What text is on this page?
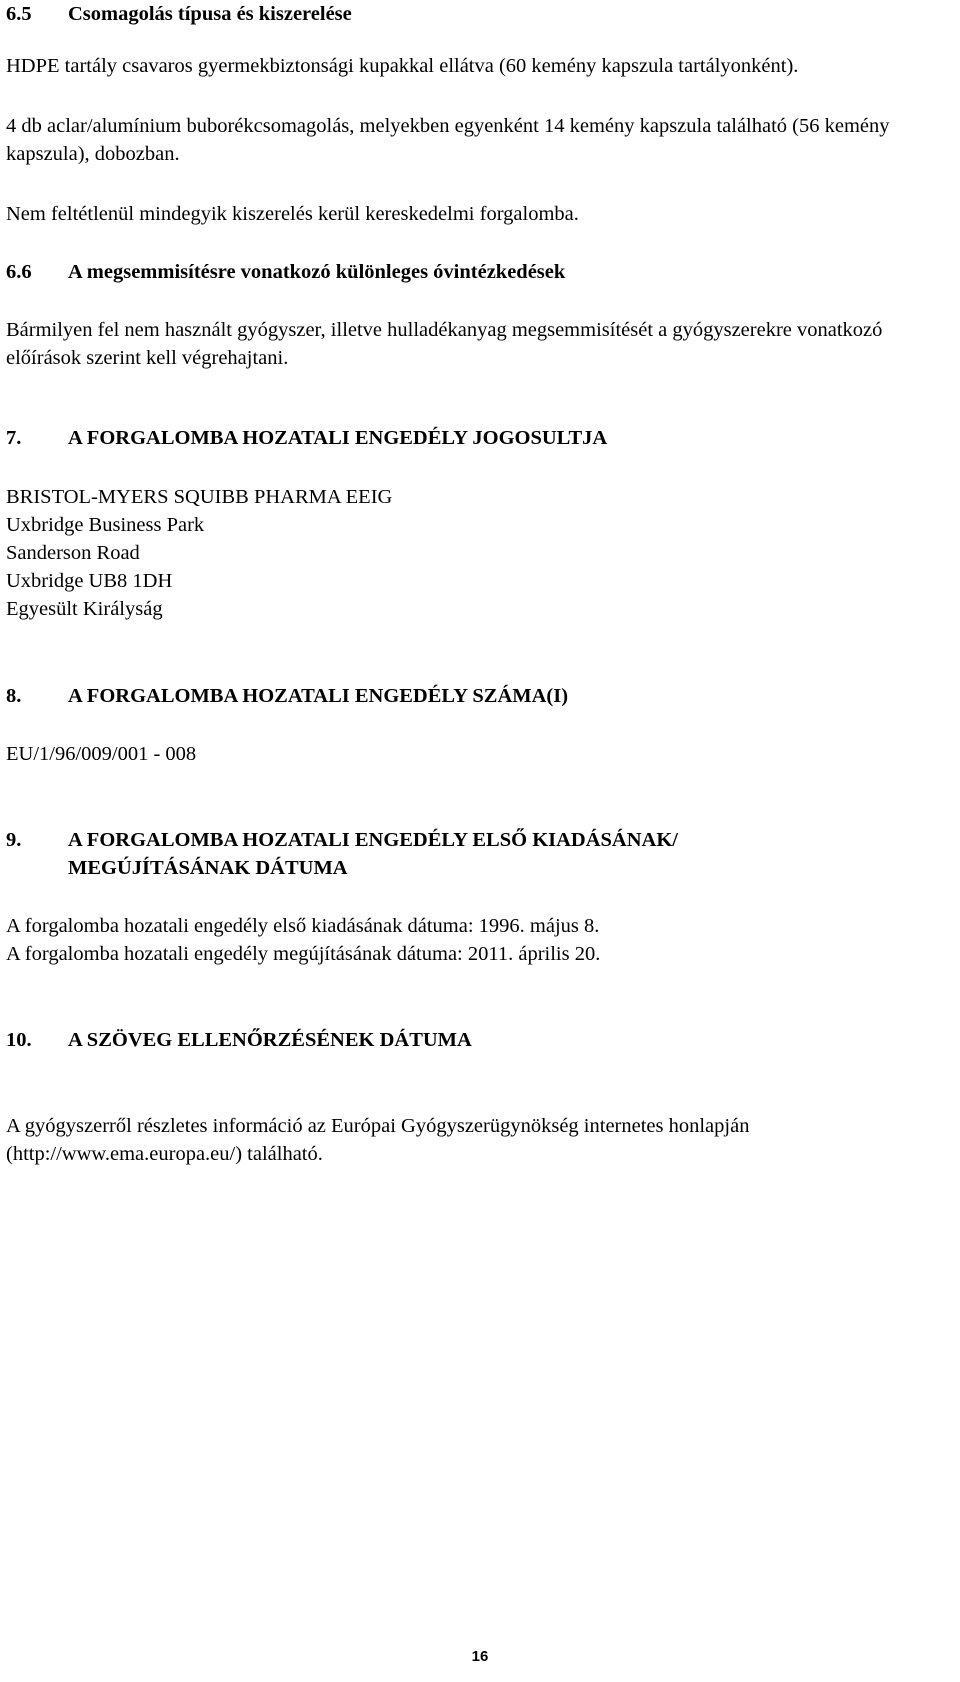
6.5	Csomagolás típusa és kiszerelése

HDPE tartály csavaros gyermekbiztonsági kupakkal ellátva (60 kemény kapszula tartályonként).

4 db aclar/alumínium buborékcsomagolás, melyekben egyenként 14 kemény kapszula található (56 kemény kapszula), dobozban.

Nem feltétlenül mindegyik kiszerelés kerül kereskedelmi forgalomba.

6.6	A megsemmisítésre vonatkozó különleges óvintézkedések

Bármilyen fel nem használt gyógyszer, illetve hulladékanyag megsemmisítését a gyógyszerekre vonatkozó előírások szerint kell végrehajtani.

7.	A FORGALOMBA HOZATALI ENGEDÉLY JOGOSULTJA

BRISTOL-MYERS SQUIBB PHARMA EEIG

Uxbridge Business Park

Sanderson Road

Uxbridge UB8 1DH

Egyesült Királyság

8.	A FORGALOMBA HOZATALI ENGEDÉLY SZÁMA(I)

EU/1/96/009/001 - 008

9.	A FORGALOMBA HOZATALI ENGEDÉLY ELSŐ KIADÁSÁNAK/ MEGÚJÍTÁSÁNAK DÁTUMA

A forgalomba hozatali engedély első kiadásának dátuma: 1996. május 8.

A forgalomba hozatali engedély megújításának dátuma: 2011. április 20.

10.	A SZÖVEG ELLENŐRZÉSÉNEK DÁTUMA

A gyógyszerről részletes információ az Európai Gyógyszerügynökség internetes honlapján (http://www.ema.europa.eu/) található.

16
